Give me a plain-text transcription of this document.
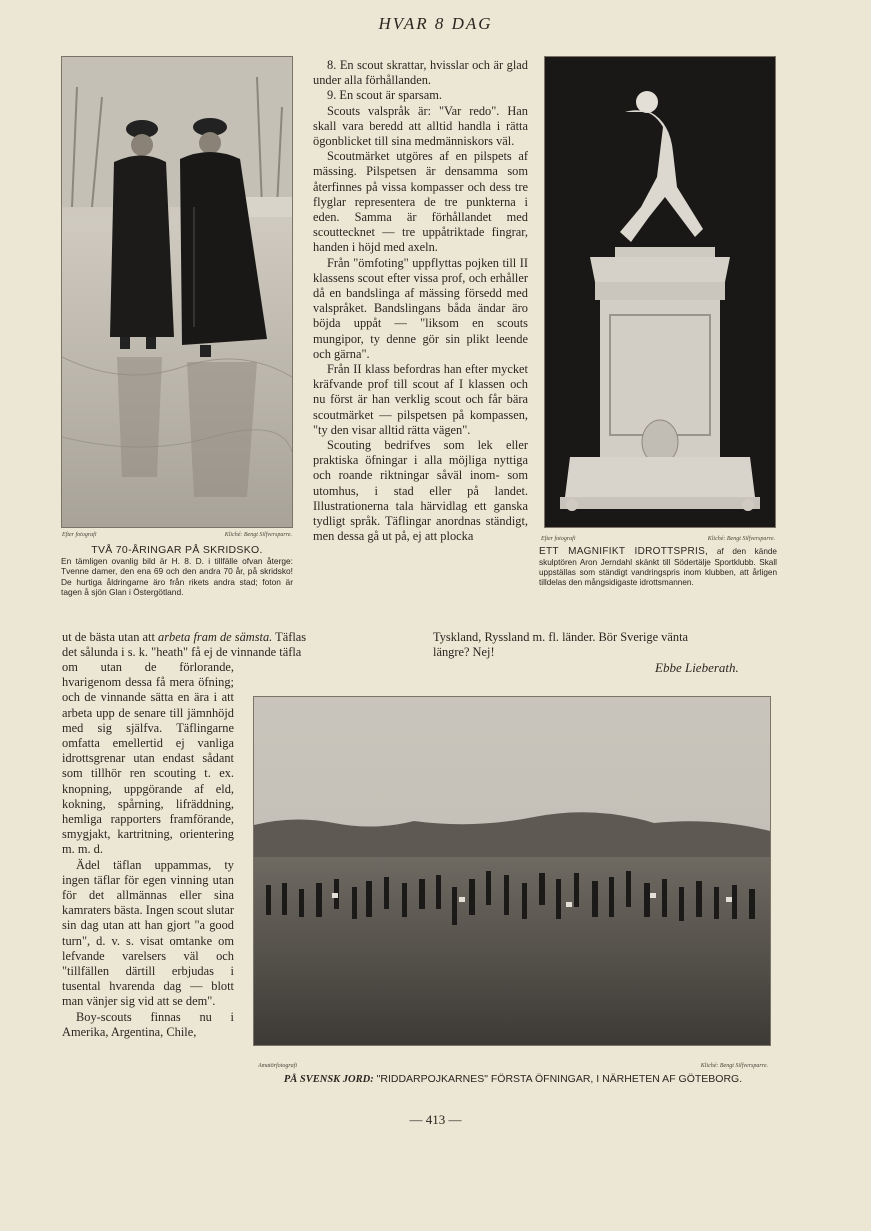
HVAR 8 DAG
Efter fotografi	Kliché: Bengt Silfversparre.
TVÅ 70-ÅRINGAR PÅ SKRIDSKO.
En tämligen ovanlig bild är H. 8. D. i tillfälle ofvan återge: Tvenne damer, den ena 69 och den andra 70 år, på skridsko! De hurtiga åldringarne äro från rikets andra stad; foton är tagen å sjön Glan i Östergötland.
Efter fotografi	Kliché: Bengt Silfversparre.
ETT MAGNIFIKT IDROTTSPRIS, af den kände skulptören Aron Jerndahl skänkt till Södertälje Sportklubb. Skall uppställas som ständigt vandringspris inom klubben, att årligen tilldelas den mångsidigaste idrottsmannen.

8. En scout skrattar, hvisslar och är glad under alla förhållanden.

9. En scout är sparsam.

Scouts valspråk är: "Var redo". Han skall vara beredd att alltid handla i rätta ögonblicket till sina medmänniskors väl.

Scoutmärket utgöres af en pilspets af mässing. Pilspetsen är densamma som återfinnes på vissa kompasser och dess tre flyglar representera de tre punkterna i eden. Samma är förhållandet med scouttecknet — tre uppåtriktade fingrar, handen i höjd med axeln.

Från "ömfoting" uppflyttas pojken till II klassens scout efter vissa prof, och erhåller då en bandslinga af mässing försedd med valspråket. Bandslingans båda ändar äro böjda uppåt — "liksom en scouts mungipor, ty denne gör sin plikt leende och gärna".

Från II klass befordras han efter mycket kräfvande prof till scout af I klassen och nu först är han verklig scout och får bära scoutmärket — pilspetsen på kompassen, "ty den visar alltid rätta vägen".

Scouting bedrifves som lek eller praktiska öfningar i alla möjliga nyttiga och roande riktningar såväl inom- som utomhus, i stad eller på landet. Illustrationerna tala härvidlag ett ganska tydligt språk. Täflingar anordnas ständigt, men dessa gå ut på, ej att plocka

ut de bästa utan att arbeta fram de sämsta. Täflas
det sålunda i s. k. "heath" få ej de vinnande täfla
Tyskland, Ryssland m. fl. länder. Bör Sverige vänta
längre? Nej!
Ebbe Lieberath.

om utan de förlorande, hvarigenom dessa få mera öfning; och de vinnande sätta en ära i att arbeta upp de senare till jämnhöjd med sig själfva. Täflingarne omfatta emellertid ej vanliga idrottsgrenar utan endast sådant som tillhör ren scouting t. ex. knopning, uppgörande af eld, kokning, spårning, lifräddning, hemliga rapporters framförande, smygjakt, kartritning, orientering m. m. d.

Ädel täflan uppammas, ty ingen täflar för egen vinning utan för det allmännas eller sina kamraters bästa. Ingen scout slutar sin dag utan att han gjort "a good turn", d. v. s. visat omtanke om lefvande varelsers väl och "tillfällen därtill erbjudas i tusental hvarenda dag — blott man vänjer sig vid att se dem".

Boy-scouts finnas nu i Amerika, Argentina, Chile,

Amatörfotografi	Kliché: Bengt Silfversparre.
PÅ SVENSK JORD: "RIDDARPOJKARNES" FÖRSTA ÖFNINGAR, I NÄRHETEN AF GÖTEBORG.
— 413 —
